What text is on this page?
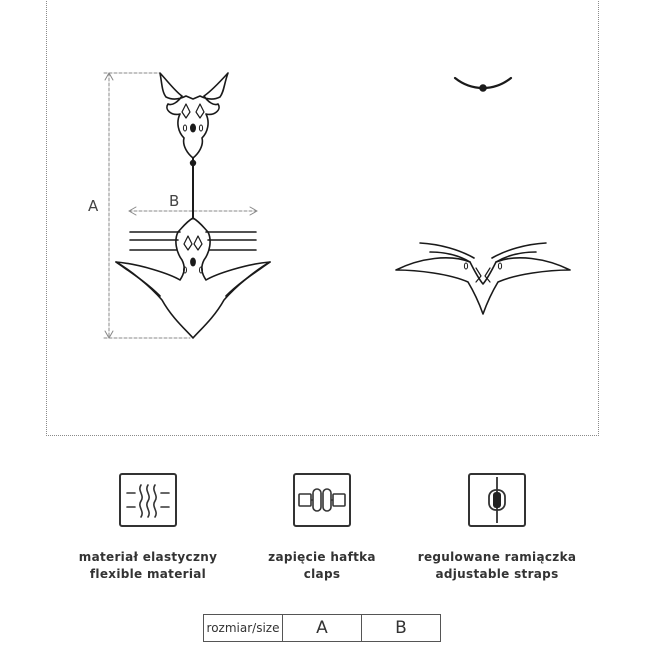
A	B
materiał elastyczny
flexible material
zapięcie haftka
claps
regulowane ramiączka
adjustable straps
rozmiar/size	A	B
